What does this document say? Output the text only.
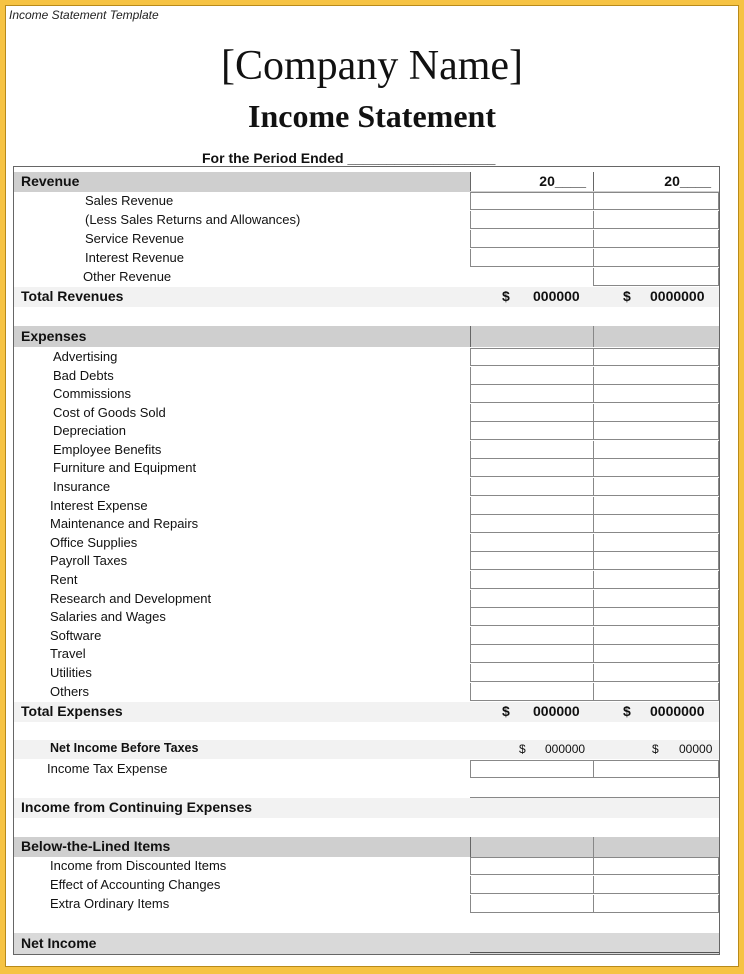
Income Statement Template
[Company Name]
Income Statement
For the Period Ended ___________________
Revenue	20____	20____
Sales Revenue
(Less Sales Returns and Allowances)
Service Revenue
Interest Revenue
Other Revenue
Total Revenues	$ 000000	$ 0000000
Expenses
Advertising
Bad Debts
Commissions
Cost of Goods Sold
Depreciation
Employee Benefits
Furniture and Equipment
Insurance
Interest Expense
Maintenance and Repairs
Office Supplies
Payroll Taxes
Rent
Research and Development
Salaries and Wages
Software
Travel
Utilities
Others
Total Expenses	$ 000000	$ 0000000
Net Income Before Taxes	$ 000000	$ 00000
Income Tax Expense
Income from Continuing Expenses
Below-the-Lined Items
Income from Discounted Items
Effect of Accounting Changes
Extra Ordinary Items
Net Income
